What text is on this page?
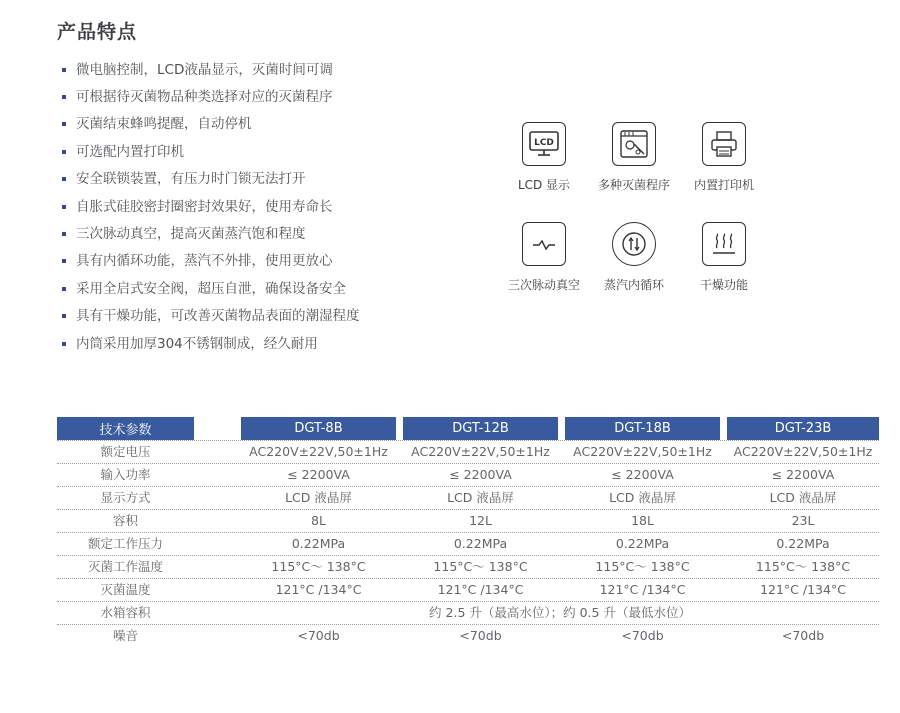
产品特点
微电脑控制，LCD液晶显示，灭菌时间可调
可根据待灭菌物品种类选择对应的灭菌程序
灭菌结束蜂鸣提醒，自动停机
可选配内置打印机
安全联锁装置，有压力时门锁无法打开
自胀式硅胶密封圈密封效果好，使用寿命长
三次脉动真空，提高灭菌蒸汽饱和程度
具有内循环功能，蒸汽不外排，使用更放心
采用全启式安全阀，超压自泄，确保设备安全
具有干燥功能，可改善灭菌物品表面的潮湿程度
内筒采用加厚304不锈钢制成，经久耐用
LCD
LCD 显示	多种灭菌程序	内置打印机
三次脉动真空	蒸汽内循环	干燥功能
技术参数	DGT-8B	DGT-12B	DGT-18B	DGT-23B
额定电压	AC220V±22V,50±1Hz	AC220V±22V,50±1Hz	AC220V±22V,50±1Hz	AC220V±22V,50±1Hz
输入功率	≤ 2200VA	≤ 2200VA	≤ 2200VA	≤ 2200VA
显示方式	LCD 液晶屏	LCD 液晶屏	LCD 液晶屏	LCD 液晶屏
容积	8L	12L	18L	23L
额定工作压力	0.22MPa	0.22MPa	0.22MPa	0.22MPa
灭菌工作温度	115°C～ 138°C	115°C～ 138°C	115°C～ 138°C	115°C～ 138°C
灭菌温度	121°C /134°C	121°C /134°C	121°C /134°C	121°C /134°C
水箱容积	约 2.5 升（最高水位）；约 0.5 升（最低水位）
噪音	<70db	<70db	<70db	<70db
